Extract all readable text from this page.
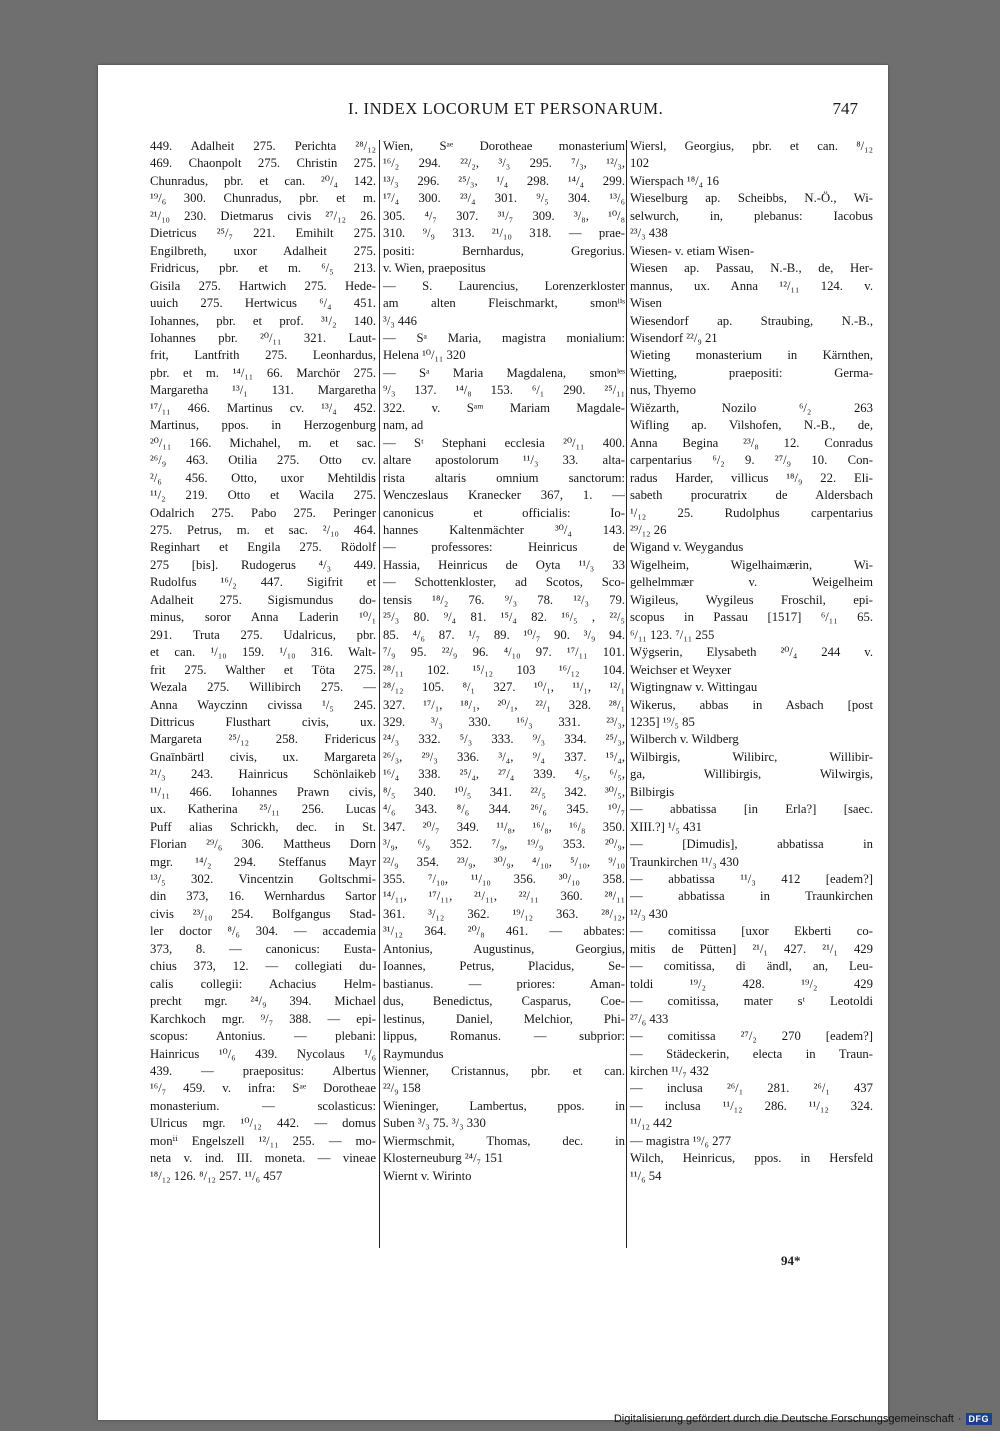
I. INDEX LOCORUM ET PERSONARUM.	747
449. Adalheit 275. Perichta ²⁸/₁₂
469. Chaonpolt 275. Christin 275.
Chunradus, pbr. et can. ²⁰/₄ 142.
¹⁹/₆ 300. Chunradus, pbr. et m.
²¹/₁₀ 230. Dietmarus civis ²⁷/₁₂ 26.
Dietricus ²⁵/₇ 221. Emihilt 275.
Engilbreth, uxor Adalheit 275.
Fridricus, pbr. et m. ⁶/₅ 213.
Gisila 275. Hartwich 275. Hede-
uuich 275. Hertwicus ⁶/₄ 451.
Iohannes, pbr. et prof. ³¹/₂ 140.
Iohannes pbr. ²⁰/₁₁ 321. Laut-
frit, Lantfrith 275. Leonhardus,
pbr. et m. ¹⁴/₁₁ 66. Marchör 275.
Margaretha ¹³/₁ 131. Margaretha
¹⁷/₁₁ 466. Martinus cv. ¹³/₄ 452.
Martinus, ppos. in Herzogenburg
²⁰/₁₁ 166. Michahel, m. et sac.
²⁶/₉ 463. Otilia 275. Otto cv.
²/₆ 456. Otto, uxor Mehtildis
¹¹/₂ 219. Otto et Wacila 275.
Odalrich 275. Pabo 275. Peringer
275. Petrus, m. et sac. ²/₁₀ 464.
Reginhart et Engila 275. Rödolf
275 [bis]. Rudogerus ⁴/₃ 449.
Rudolfus ¹⁶/₂ 447. Sigifrit et
Adalheit 275. Sigismundus do-
minus, soror Anna Laderin ¹⁰/₁
291. Truta 275. Udalricus, pbr.
et can. ¹/₁₀ 159. ¹/₁₀ 316. Walt-
frit 275. Walther et Töta 275.
Wezala 275. Willibirch 275. —
Anna Wayczinn civissa ¹/₅ 245.
Dittricus Flusthart civis, ux.
Margareta ²⁵/₁₂ 258. Fridericus
Gnaīnbärtl civis, ux. Margareta
²¹/₃ 243. Hainricus Schönlaikeb
¹¹/₁₁ 466. Iohannes Prawn civis,
ux. Katherina ²⁵/₁₁ 256. Lucas
Puff alias Schrickh, dec. in St.
Florian ²⁹/₆ 306. Mattheus Dorn
mgr. ¹⁴/₂ 294. Steffanus Mayr
¹³/₅ 302. Vincentzin Goltschmi-
din 373, 16. Wernhardus Sartor
civis ²³/₁₀ 254. Bolfgangus Stad-
ler doctor ⁸/₆ 304. — accademia
373, 8. — canonicus: Eusta-
chius 373, 12. — collegiati du-
calis collegii: Achacius Helm-
precht mgr. ²⁴/₉ 394. Michael
Karchkoch mgr. ⁹/₇ 388. — epi-
scopus: Antonius. — plebani:
Hainricus ¹⁰/₆ 439. Nycolaus ¹/₆
439. — praepositus: Albertus
¹⁶/₇ 459. v. infra: Sᵃᵉ Dorotheae
monasterium. — scolasticus:
Ulricus mgr. ¹⁰/₁₂ 442. — domus
monⁱⁱ Engelszell ¹²/₁₁ 255. — mo-
neta v. ind. III. moneta. — vineae
¹⁸/₁₂ 126. ⁸/₁₂ 257. ¹¹/₆ 457
Wien, Sᵃᵉ Dorotheae monasterium
¹⁶/₂ 294. ²²/₂, ³/₃ 295. ⁷/₃, ¹²/₃,
¹³/₃ 296. ²⁵/₃, ¹/₄ 298. ¹⁴/₄ 299.
¹⁷/₄ 300. ²³/₄ 301. ⁹/₅ 304. ¹³/₆
305. ⁴/₇ 307. ³¹/₇ 309. ³/₈, ¹⁰/₈
310. ⁹/₉ 313. ²¹/₁₀ 318. — prae-
positi: Bernhardus, Gregorius.
v. Wien, praepositus
— S. Laurencius, Lorenzerkloster
am alten Fleischmarkt, smonˡⁱˢ
³/₃ 446
— Sᵃ Maria, magistra monialium:
Helena ¹⁰/₁₁ 320
— Sᵃ Maria Magdalena, smonˡᵉˢ
⁹/₃ 137. ¹⁴/₈ 153. ⁶/₁ 290. ²⁵/₁₁
322. v. Sᵃᵐ Mariam Magdale-
nam, ad
— Sᵗ Stephani ecclesia ²⁰/₁₁ 400.
altare apostolorum ¹¹/₃ 33. alta-
rista altaris omnium sanctorum:
Wenczeslaus Kranecker 367, 1. —
canonicus et officialis: Io-
hannes Kaltenmächter ³⁰/₄ 143.
— professores: Heinricus de
Hassia, Heinricus de Oyta ¹¹/₃ 33
— Schottenkloster, ad Scotos, Sco-
tensis ¹⁸/₂ 76. ⁹/₃ 78. ¹²/₃ 79.
²⁵/₃ 80. ⁹/₄ 81. ¹⁵/₄ 82. ¹⁶/₅ , ²²/₅
85. ⁴/₆ 87. ¹/₇ 89. ¹⁰/₇ 90. ³/₉ 94.
⁷/₉ 95. ²²/₉ 96. ⁴/₁₀ 97. ¹⁷/₁₁ 101.
²⁸/₁₁ 102. ¹⁵/₁₂ 103 ¹⁶/₁₂ 104.
²⁸/₁₂ 105. ⁸/₁ 327. ¹⁰/₁, ¹¹/₁, ¹²/₁
327. ¹⁷/₁, ¹⁸/₁, ²⁰/₁, ²²/₁ 328. ²⁸/₁
329. ³/₃ 330. ¹⁶/₃ 331. ²³/₃,
²⁴/₃ 332. ⁵/₃ 333. ⁹/₃ 334. ²⁵/₃,
²⁶/₃, ²⁹/₃ 336. ³/₄, ⁹/₄ 337. ¹⁵/₄,
¹⁶/₄ 338. ²⁵/₄, ²⁷/₄ 339. ⁴/₅, ⁶/₅,
⁸/₅ 340. ¹⁰/₅ 341. ²²/₅ 342. ³⁰/₅,
⁴/₆ 343. ⁸/₆ 344. ²⁶/₆ 345. ¹⁰/₇
347. ²⁰/₇ 349. ¹¹/₈, ¹⁶/₈, ¹⁶/₈ 350.
³/₉, ⁶/₉ 352. ⁷/₉, ¹⁹/₉ 353. ²⁰/₉,
²²/₉ 354. ²³/₉, ³⁰/₉, ⁴/₁₀, ⁵/₁₀, ⁹/₁₀
355. ⁷/₁₀, ¹¹/₁₀ 356. ³⁰/₁₀ 358.
¹⁴/₁₁, ¹⁷/₁₁, ²¹/₁₁, ²²/₁₁ 360. ²⁸/₁₁
361. ³/₁₂ 362. ¹⁹/₁₂ 363. ²⁸/₁₂,
³¹/₁₂ 364. ²⁰/₈ 461. — abbates:
Antonius, Augustinus, Georgius,
Ioannes, Petrus, Placidus, Se-
bastianus. — priores: Aman-
dus, Benedictus, Casparus, Coe-
lestinus, Daniel, Melchior, Phi-
lippus, Romanus. — subprior:
Raymundus
Wienner, Cristannus, pbr. et can.
²²/₉ 158
Wieninger, Lambertus, ppos. in
Suben ³/₃ 75. ³/₃ 330
Wiermschmit, Thomas, dec. in
Klosterneuburg ²⁴/₇ 151
Wiernt v. Wirinto
Wiersl, Georgius, pbr. et can. ⁸/₁₂
102
Wierspach ¹⁸/₄ 16
Wieselburg ap. Scheibbs, N.-Ö., Wi-
selwurch, in, plebanus: Iacobus
²³/₃ 438
Wiesen- v. etiam Wisen-
Wiesen ap. Passau, N.-B., de, Her-
mannus, ux. Anna ¹²/₁₁ 124. v.
Wisen
Wiesendorf ap. Straubing, N.-B.,
Wisendorf ²²/₉ 21
Wieting monasterium in Kärnthen,
Wietting, praepositi: Germa-
nus, Thyemo
Wiĕzarth, Nozilo ⁶/₂ 263
Wifling ap. Vilshofen, N.-B., de,
Anna Begina ²³/₈ 12. Conradus
carpentarius ⁶/₂ 9. ²⁷/₉ 10. Con-
radus Harder, villicus ¹⁸/₉ 22. Eli-
sabeth procuratrix de Aldersbach
¹/₁₂ 25. Rudolphus carpentarius
²⁹/₁₂ 26
Wigand v. Weygandus
Wigelheim, Wigelhaimærin, Wi-
gelhelmmær v. Weigelheim
Wigileus, Wygileus Froschil, epi-
scopus in Passau [1517] ⁶/₁₁ 65.
⁶/₁₁ 123. ⁷/₁₁ 255
Wÿgserin, Elysabeth ²⁰/₄ 244 v.
Weichser et Weyxer
Wigtingnaw v. Wittingau
Wikerus, abbas in Asbach [post
1235] ¹⁹/₅ 85
Wilberch v. Wildberg
Wilbirgis, Wilibirc, Willibir-
ga, Willibirgis, Wilwirgis,
Bilbirgis
— abbatissa [in Erla?] [saec.
XIII.?] ¹/₅ 431
— [Dimudis], abbatissa in
Traunkirchen ¹¹/₃ 430
— abbatissa ¹¹/₃ 412 [eadem?]
— abbatissa in Traunkirchen
¹²/₃ 430
— comitissa [uxor Ekberti co-
mitis de Pütten] ²¹/₁ 427. ²¹/₁ 429
— comitissa, di ändl, an, Leu-
toldi ¹⁹/₂ 428. ¹⁹/₂ 429
— comitissa, mater sᵗ Leotoldi
²⁷/₆ 433
— comitissa ²⁷/₂ 270 [eadem?]
— Städeckerin, electa in Traun-
kirchen ¹¹/₇ 432
— inclusa ²⁶/₁ 281. ²⁶/₁ 437
— inclusa ¹¹/₁₂ 286. ¹¹/₁₂ 324.
¹¹/₁₂ 442
— magistra ¹⁹/₆ 277
Wilch, Heinricus, ppos. in Hersfeld
¹¹/₆ 54
94*
Digitalisierung gefördert durch die Deutsche Forschungsgemeinschaft · DFG
